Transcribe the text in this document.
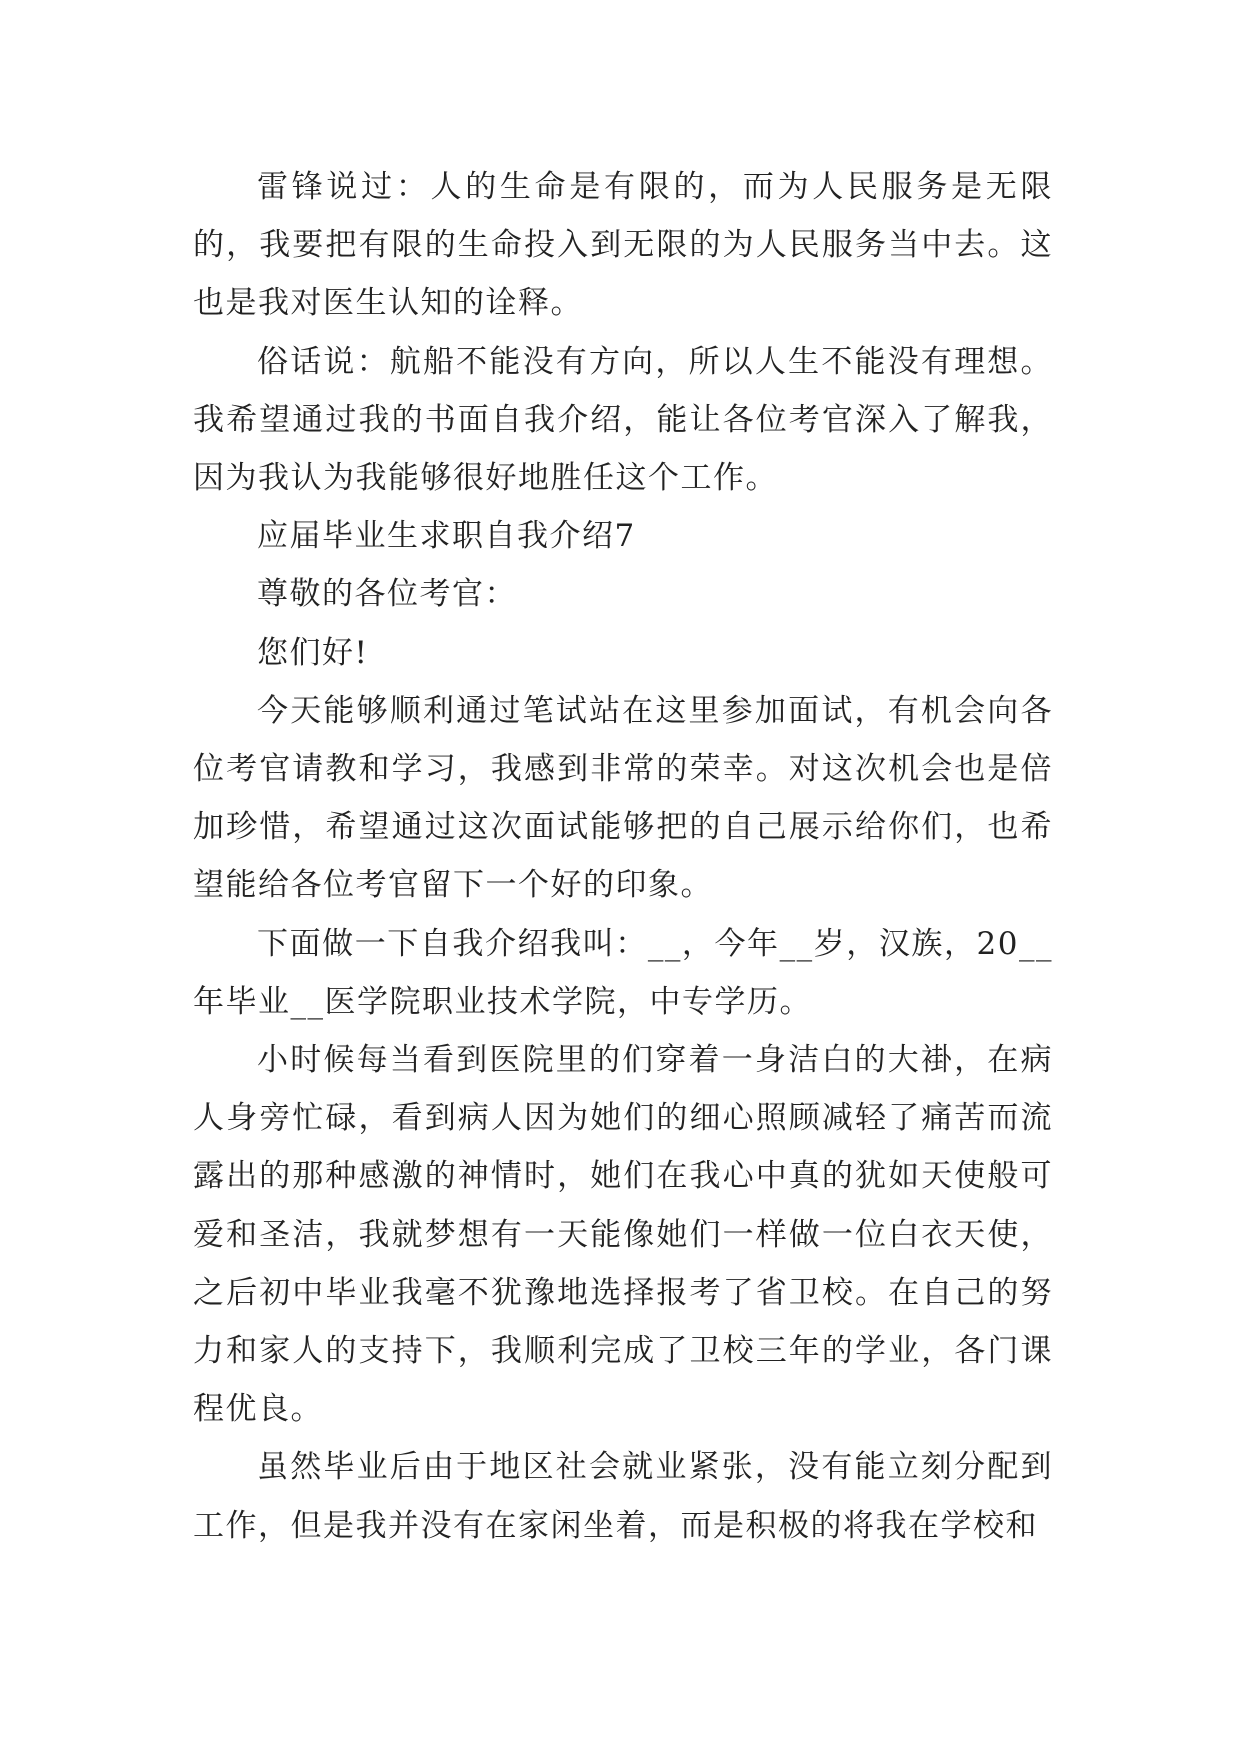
雷锋说过：人的生命是有限的，而为人民服务是无限的，我要把有限的生命投入到无限的为人民服务当中去。这也是我对医生认知的诠释。

俗话说：航船不能没有方向，所以人生不能没有理想。我希望通过我的书面自我介绍，能让各位考官深入了解我，因为我认为我能够很好地胜任这个工作。

应届毕业生求职自我介绍7

尊敬的各位考官：

您们好!

今天能够顺利通过笔试站在这里参加面试，有机会向各位考官请教和学习，我感到非常的荣幸。对这次机会也是倍加珍惜，希望通过这次面试能够把的自己展示给你们，也希望能给各位考官留下一个好的印象。

下面做一下自我介绍我叫：__，今年__岁，汉族，20__年毕业__医学院职业技术学院，中专学历。

小时候每当看到医院里的们穿着一身洁白的大褂，在病人身旁忙碌，看到病人因为她们的细心照顾减轻了痛苦而流露出的那种感激的神情时，她们在我心中真的犹如天使般可爱和圣洁，我就梦想有一天能像她们一样做一位白衣天使，之后初中毕业我毫不犹豫地选择报考了省卫校。在自己的努力和家人的支持下，我顺利完成了卫校三年的学业，各门课程优良。

虽然毕业后由于地区社会就业紧张，没有能立刻分配到工作，但是我并没有在家闲坐着，而是积极的将我在学校和
